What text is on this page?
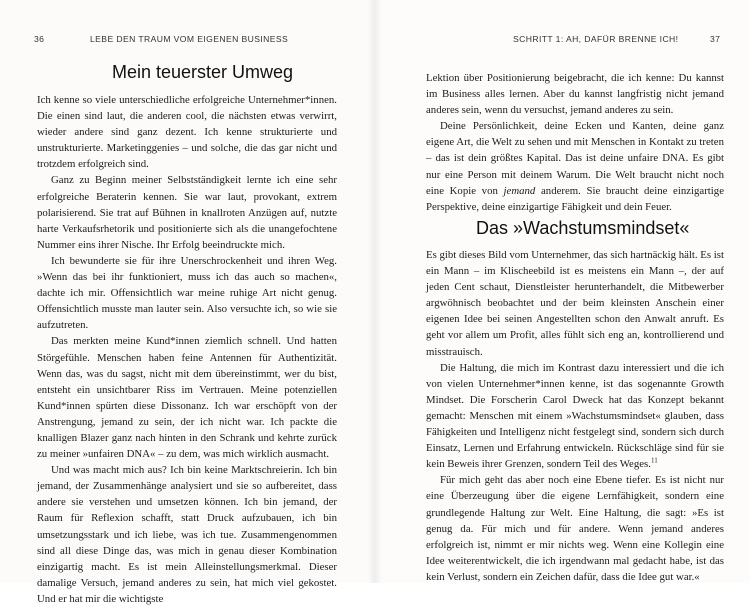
36	LEBE DEN TRAUM VOM EIGENEN BUSINESS
Mein teuerster Umweg

Ich kenne so viele unterschiedliche erfolgreiche Unternehmer*innen. Die einen sind laut, die anderen cool, die nächsten etwas verwirrt, wieder andere sind ganz dezent. Ich kenne strukturierte und unstrukturierte. Marketinggenies – und solche, die das gar nicht und trotzdem erfolgreich sind.

Ganz zu Beginn meiner Selbstständigkeit lernte ich eine sehr erfolgreiche Beraterin kennen. Sie war laut, provokant, extrem polarisierend. Sie trat auf Bühnen in knallroten Anzügen auf, nutzte harte Verkaufsrhetorik und positionierte sich als die unangefochtene Nummer eins ihrer Nische. Ihr Erfolg beeindruckte mich.

Ich bewunderte sie für ihre Unerschrockenheit und ihren Weg. »Wenn das bei ihr funktioniert, muss ich das auch so machen«, dachte ich mir. Offensichtlich war meine ruhige Art nicht genug. Offensichtlich musste man lauter sein. Also versuchte ich, so wie sie aufzutreten.

Das merkten meine Kund*innen ziemlich schnell. Und hatten Störgefühle. Menschen haben feine Antennen für Authentizität. Wenn das, was du sagst, nicht mit dem übereinstimmt, wer du bist, entsteht ein unsichtbarer Riss im Vertrauen. Meine potenziellen Kund*innen spürten diese Dissonanz. Ich war erschöpft von der Anstrengung, jemand zu sein, der ich nicht war. Ich packte die knalligen Blazer ganz nach hinten in den Schrank und kehrte zurück zu meiner »unfairen DNA« – zu dem, was mich wirklich ausmacht.

Und was macht mich aus? Ich bin keine Marktschreierin. Ich bin jemand, der Zusammenhänge analysiert und sie so aufbereitet, dass andere sie verstehen und umsetzen können. Ich bin jemand, der Raum für Reflexion schafft, statt Druck aufzubauen, ich bin umsetzungsstark und ich liebe, was ich tue. Zusammengenommen sind all diese Dinge das, was mich in genau dieser Kombination einzigartig macht. Es ist mein Alleinstellungsmerkmal. Dieser damalige Versuch, jemand anderes zu sein, hat mich viel gekostet. Und er hat mir die wichtigste

SCHRITT 1: AH, DAFÜR BRENNE ICH!	37

Lektion über Positionierung beigebracht, die ich kenne: Du kannst im Business alles lernen. Aber du kannst langfristig nicht jemand anderes sein, wenn du versuchst, jemand anderes zu sein.

Deine Persönlichkeit, deine Ecken und Kanten, deine ganz eigene Art, die Welt zu sehen und mit Menschen in Kontakt zu treten – das ist dein größtes Kapital. Das ist deine unfaire DNA. Es gibt nur eine Person mit deinem Warum. Die Welt braucht nicht noch eine Kopie von jemand anderem. Sie braucht deine einzigartige Perspektive, deine einzigartige Fähigkeit und dein Feuer.

Das »Wachstumsmindset«

Es gibt dieses Bild vom Unternehmer, das sich hartnäckig hält. Es ist ein Mann – im Klischeebild ist es meistens ein Mann –, der auf jeden Cent schaut, Dienstleister herunterhandelt, die Mitbewerber argwöhnisch beobachtet und der beim kleinsten Anschein einer eigenen Idee bei seinen Angestellten schon den Anwalt anruft. Es geht vor allem um Profit, alles fühlt sich eng an, kontrollierend und misstrauisch.

Die Haltung, die mich im Kontrast dazu interessiert und die ich von vielen Unternehmer*innen kenne, ist das sogenannte Growth Mindset. Die Forscherin Carol Dweck hat das Konzept bekannt gemacht: Menschen mit einem »Wachstumsmindset« glauben, dass Fähigkeiten und Intelligenz nicht festgelegt sind, sondern sich durch Einsatz, Lernen und Erfahrung entwickeln. Rückschläge sind für sie kein Beweis ihrer Grenzen, sondern Teil des Weges.$^{11}$

Für mich geht das aber noch eine Ebene tiefer. Es ist nicht nur eine Überzeugung über die eigene Lernfähigkeit, sondern eine grundlegende Haltung zur Welt. Eine Haltung, die sagt: »Es ist genug da. Für mich und für andere. Wenn jemand anderes erfolgreich ist, nimmt er mir nichts weg. Wenn eine Kollegin eine Idee weiterentwickelt, die ich irgendwann mal gedacht habe, ist das kein Verlust, sondern ein Zeichen dafür, dass die Idee gut war.«
